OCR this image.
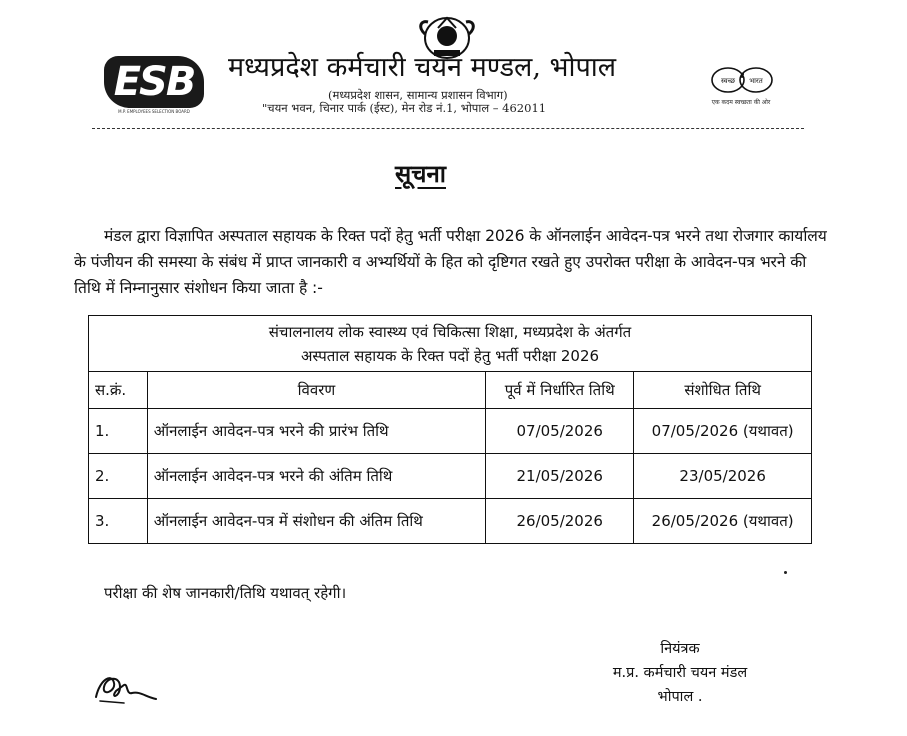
ESB
M.P. EMPLOYEES SELECTION BOARD
मध्यप्रदेश कर्मचारी चयन मण्डल, भोपाल
(मध्यप्रदेश शासन, सामान्य प्रशासन विभाग)
"चयन भवन, चिनार पार्क (ईस्ट), मेन रोड नं.1, भोपाल – 462011
स्वच्छ भारत
एक कदम स्वच्छता की ओर
सूचना
मंडल द्वारा विज्ञापित अस्पताल सहायक के रिक्त पदों हेतु भर्ती परीक्षा 2026 के ऑनलाईन आवेदन-पत्र भरने तथा रोजगार कार्यालय के पंजीयन की समस्या के संबंध में प्राप्त जानकारी व अभ्यर्थियों के हित को दृष्टिगत रखते हुए उपरोक्त परीक्षा के आवेदन-पत्र भरने की तिथि में निम्नानुसार संशोधन किया जाता है :-
संचालनालय लोक स्वास्थ्य एवं चिकित्सा शिक्षा, मध्यप्रदेश के अंतर्गत
अस्पताल सहायक के रिक्त पदों हेतु भर्ती परीक्षा 2026			

स.क्रं.	विवरण	पूर्व में निर्धारित तिथि	संशोधित तिथि
1.	ऑनलाईन आवेदन-पत्र भरने की प्रारंभ तिथि	07/05/2026	07/05/2026 (यथावत)
2.	ऑनलाईन आवेदन-पत्र भरने की अंतिम तिथि	21/05/2026	23/05/2026
3.	ऑनलाईन आवेदन-पत्र में संशोधन की अंतिम तिथि	26/05/2026	26/05/2026 (यथावत)
परीक्षा की शेष जानकारी/तिथि यथावत् रहेगी।
नियंत्रक
म.प्र. कर्मचारी चयन मंडल
भोपाल .
